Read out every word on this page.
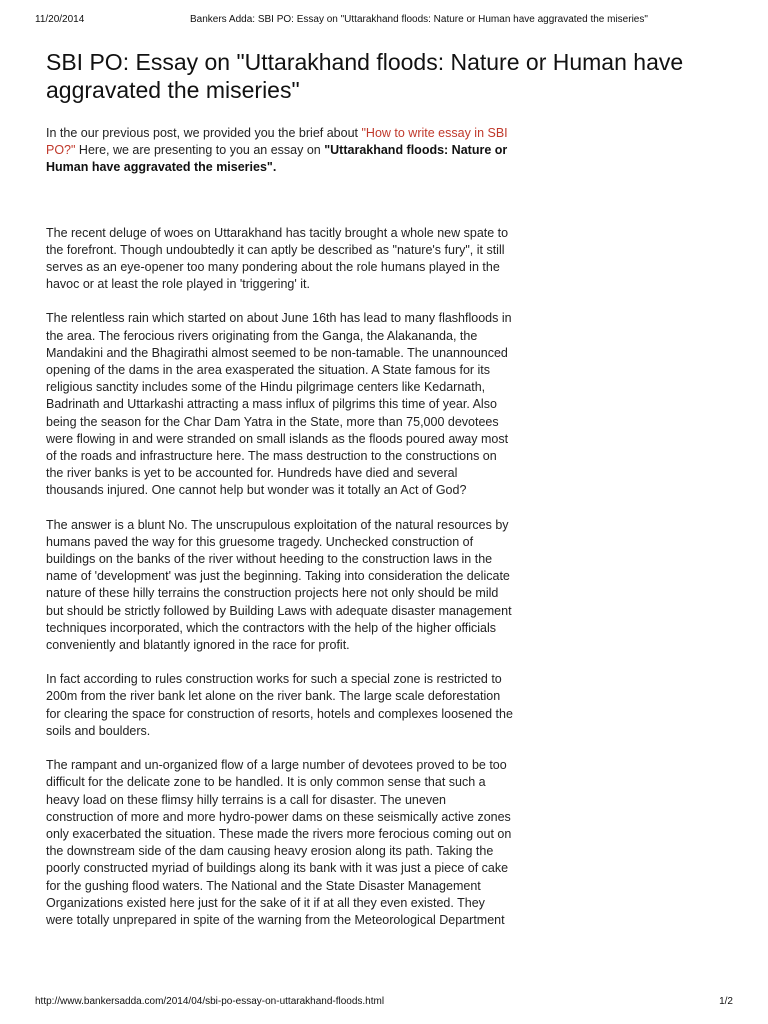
11/20/2014	Bankers Adda: SBI PO: Essay on "Uttarakhand floods: Nature or Human have aggravated the miseries"
SBI PO: Essay on "Uttarakhand floods: Nature or Human have aggravated the miseries"

In the our previous post, we provided you the brief about "How to write essay in SBI PO?" Here, we are presenting to you an essay on "Uttarakhand floods: Nature or Human have aggravated the miseries".

The recent deluge of woes on Uttarakhand has tacitly brought a whole new spate to the forefront. Though undoubtedly it can aptly be described as "nature's fury", it still serves as an eye-opener too many pondering about the role humans played in the havoc or at least the role played in 'triggering' it.

The relentless rain which started on about June 16th has lead to many flashfloods in the area. The ferocious rivers originating from the Ganga, the Alakananda, the Mandakini and the Bhagirathi almost seemed to be non-tamable. The unannounced opening of the dams in the area exasperated the situation. A State famous for its religious sanctity includes some of the Hindu pilgrimage centers like Kedarnath, Badrinath and Uttarkashi attracting a mass influx of pilgrims this time of year. Also being the season for the Char Dam Yatra in the State, more than 75,000 devotees were flowing in and were stranded on small islands as the floods poured away most of the roads and infrastructure here. The mass destruction to the constructions on the river banks is yet to be accounted for. Hundreds have died and several thousands injured. One cannot help but wonder was it totally an Act of God?

The answer is a blunt No. The unscrupulous exploitation of the natural resources by humans paved the way for this gruesome tragedy. Unchecked construction of buildings on the banks of the river without heeding to the construction laws in the name of 'development' was just the beginning. Taking into consideration the delicate nature of these hilly terrains the construction projects here not only should be mild but should be strictly followed by Building Laws with adequate disaster management techniques incorporated, which the contractors with the help of the higher officials conveniently and blatantly ignored in the race for profit.

In fact according to rules construction works for such a special zone is restricted to 200m from the river bank let alone on the river bank. The large scale deforestation for clearing the space for construction of resorts, hotels and complexes loosened the soils and boulders.

The rampant and un-organized flow of a large number of devotees proved to be too difficult for the delicate zone to be handled. It is only common sense that such a heavy load on these flimsy hilly terrains is a call for disaster. The uneven construction of more and more hydro-power dams on these seismically active zones only exacerbated the situation. These made the rivers more ferocious coming out on the downstream side of the dam causing heavy erosion along its path. Taking the poorly constructed myriad of buildings along its bank with it was just a piece of cake for the gushing flood waters. The National and the State Disaster Management Organizations existed here just for the sake of it if at all they even existed. They were totally unprepared in spite of the warning from the Meteorological Department

http://www.bankersadda.com/2014/04/sbi-po-essay-on-uttarakhand-floods.html	1/2
